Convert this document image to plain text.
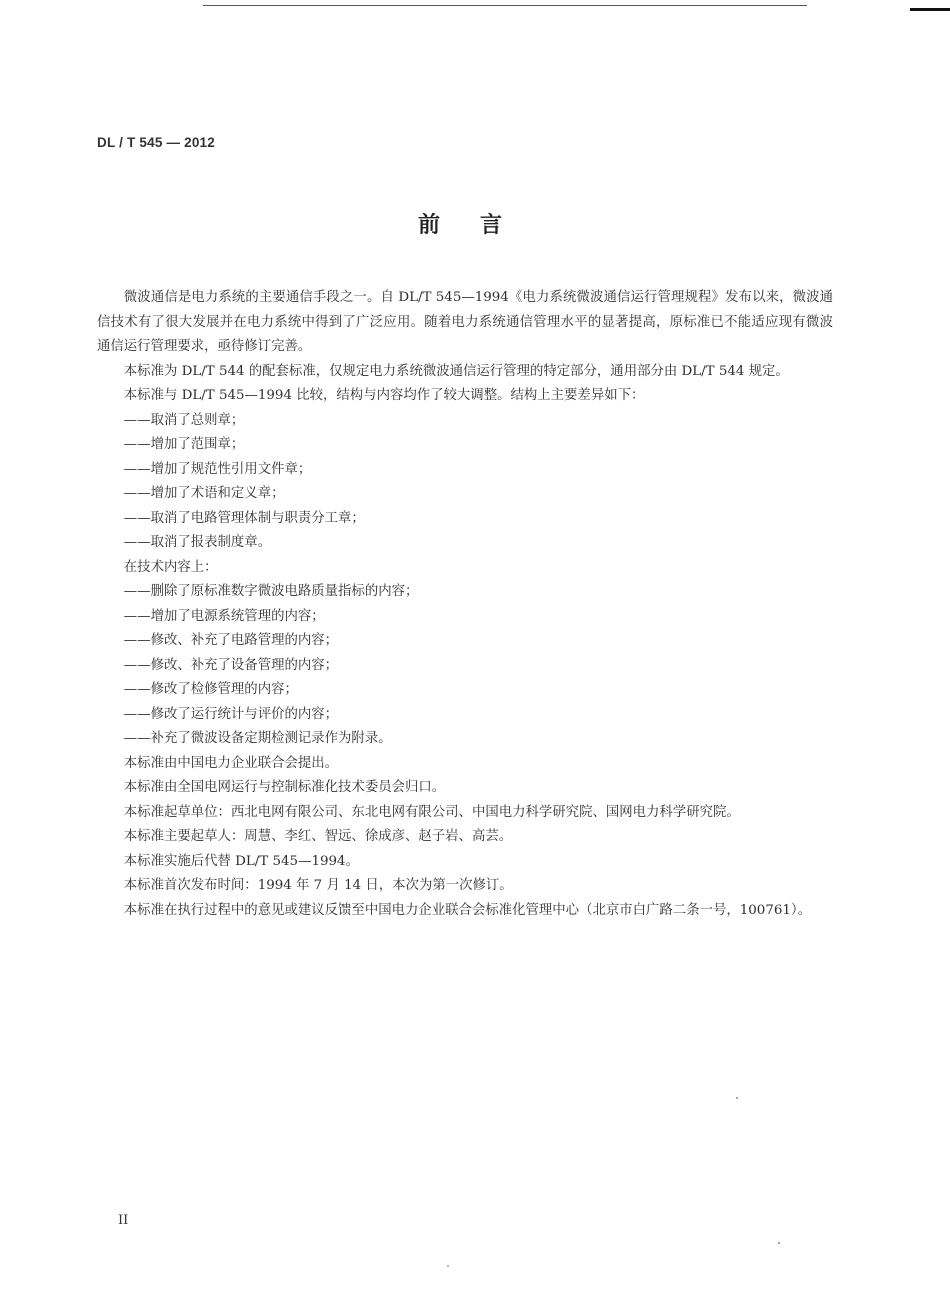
DL / T 545 — 2012
前言

微波通信是电力系统的主要通信手段之一。自 DL/T 545—1994《电力系统微波通信运行管理规程》发布以来，微波通信技术有了很大发展并在电力系统中得到了广泛应用。随着电力系统通信管理水平的显著提高，原标准已不能适应现有微波通信运行管理要求，亟待修订完善。

本标准为 DL/T 544 的配套标准，仅规定电力系统微波通信运行管理的特定部分，通用部分由 DL/T 544 规定。

本标准与 DL/T 545—1994 比较，结构与内容均作了较大调整。结构上主要差异如下：

——取消了总则章；

——增加了范围章；

——增加了规范性引用文件章；

——增加了术语和定义章；

——取消了电路管理体制与职责分工章；

——取消了报表制度章。

在技术内容上：

——删除了原标准数字微波电路质量指标的内容；

——增加了电源系统管理的内容；

——修改、补充了电路管理的内容；

——修改、补充了设备管理的内容；

——修改了检修管理的内容；

——修改了运行统计与评价的内容；

——补充了微波设备定期检测记录作为附录。

本标准由中国电力企业联合会提出。

本标准由全国电网运行与控制标准化技术委员会归口。

本标准起草单位：西北电网有限公司、东北电网有限公司、中国电力科学研究院、国网电力科学研究院。

本标准主要起草人：周慧、李红、智远、徐成彦、赵子岩、高芸。

本标准实施后代替 DL/T 545—1994。

本标准首次发布时间：1994 年 7 月 14 日，本次为第一次修订。

本标准在执行过程中的意见或建议反馈至中国电力企业联合会标准化管理中心（北京市白广路二条一号，100761）。

II
